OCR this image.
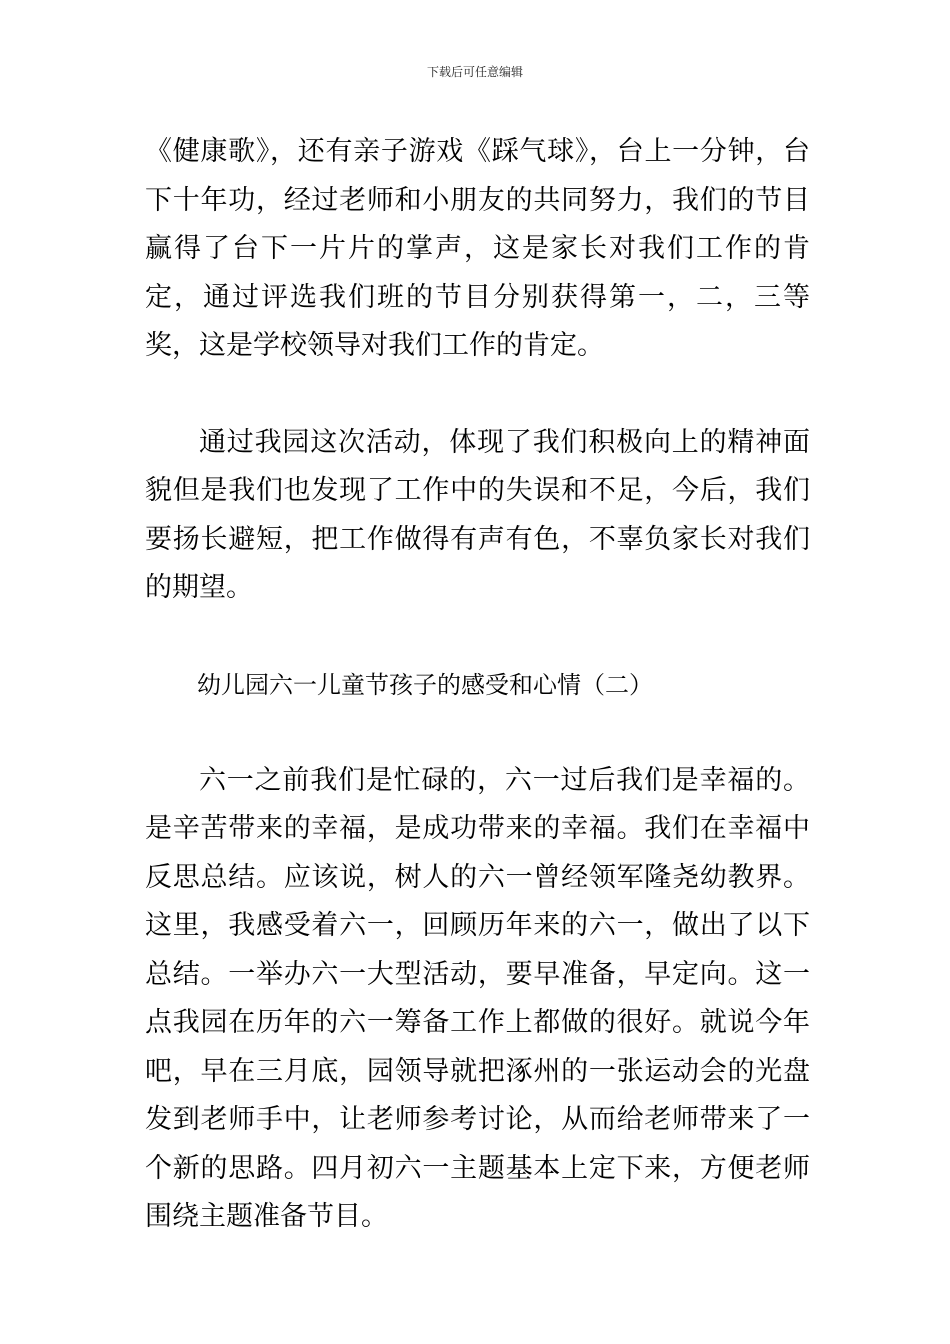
下载后可任意编辑

《健康歌》，还有亲子游戏《踩气球》，台上一分钟，台下十年功，经过老师和小朋友的共同努力，我们的节目赢得了台下一片片的掌声，这是家长对我们工作的肯定，通过评选我们班的节目分别获得第一，二，三等奖，这是学校领导对我们工作的肯定。

通过我园这次活动，体现了我们积极向上的精神面貌但是我们也发现了工作中的失误和不足，今后，我们要扬长避短，把工作做得有声有色，不辜负家长对我们的期望。

幼儿园六一儿童节孩子的感受和心情（二）

六一之前我们是忙碌的，六一过后我们是幸福的。是辛苦带来的幸福，是成功带来的幸福。我们在幸福中反思总结。应该说，树人的六一曾经领军隆尧幼教界。这里，我感受着六一，回顾历年来的六一，做出了以下总结。一举办六一大型活动，要早准备，早定向。这一点我园在历年的六一筹备工作上都做的很好。就说今年吧，早在三月底，园领导就把涿州的一张运动会的光盘发到老师手中，让老师参考讨论，从而给老师带来了一个新的思路。四月初六一主题基本上定下来，方便老师围绕主题准备节目。
